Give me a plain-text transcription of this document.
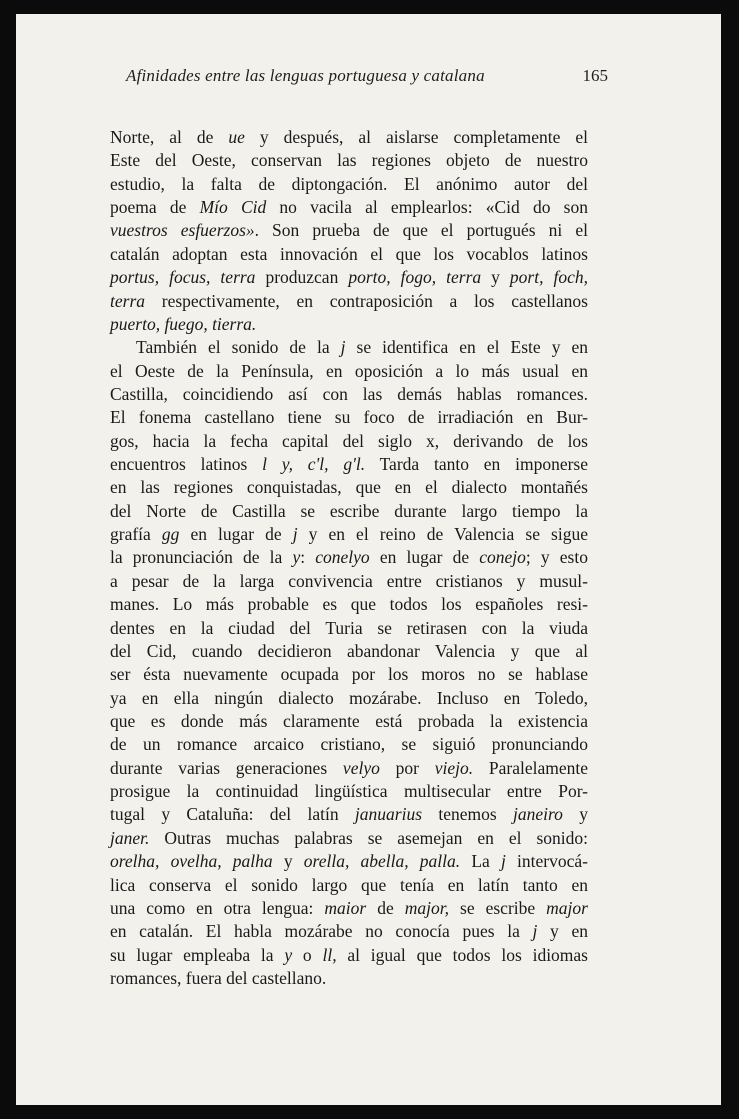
Afinidades entre las lenguas portuguesa y catalana	165
Norte, al de ue y después, al aislarse completamente el
Este del Oeste, conservan las regiones objeto de nuestro
estudio, la falta de diptongación. El anónimo autor del
poema de Mío Cid no vacila al emplearlos: «Cid do son
vuestros esfuerzos». Son prueba de que el portugués ni el
catalán adoptan esta innovación el que los vocablos latinos
portus, focus, terra produzcan porto, fogo, terra y port, foch,
terra respectivamente, en contraposición a los castellanos
puerto, fuego, tierra.
También el sonido de la j se identifica en el Este y en
el Oeste de la Península, en oposición a lo más usual en
Castilla, coincidiendo así con las demás hablas romances.
El fonema castellano tiene su foco de irradiación en Bur-
gos, hacia la fecha capital del siglo x, derivando de los
encuentros latinos l y, c'l, g'l. Tarda tanto en imponerse
en las regiones conquistadas, que en el dialecto montañés
del Norte de Castilla se escribe durante largo tiempo la
grafía gg en lugar de j y en el reino de Valencia se sigue
la pronunciación de la y: conelyo en lugar de conejo; y esto
a pesar de la larga convivencia entre cristianos y musul-
manes. Lo más probable es que todos los españoles resi-
dentes en la ciudad del Turia se retirasen con la viuda
del Cid, cuando decidieron abandonar Valencia y que al
ser ésta nuevamente ocupada por los moros no se hablase
ya en ella ningún dialecto mozárabe. Incluso en Toledo,
que es donde más claramente está probada la existencia
de un romance arcaico cristiano, se siguió pronunciando
durante varias generaciones velyo por viejo. Paralelamente
prosigue la continuidad lingüística multisecular entre Por-
tugal y Cataluña: del latín januarius tenemos janeiro y
janer. Outras muchas palabras se asemejan en el sonido:
orelha, ovelha, palha y orella, abella, palla. La j intervocá-
lica conserva el sonido largo que tenía en latín tanto en
una como en otra lengua: maior de major, se escribe major
en catalán. El habla mozárabe no conocía pues la j y en
su lugar empleaba la y o ll, al igual que todos los idiomas
romances, fuera del castellano.
